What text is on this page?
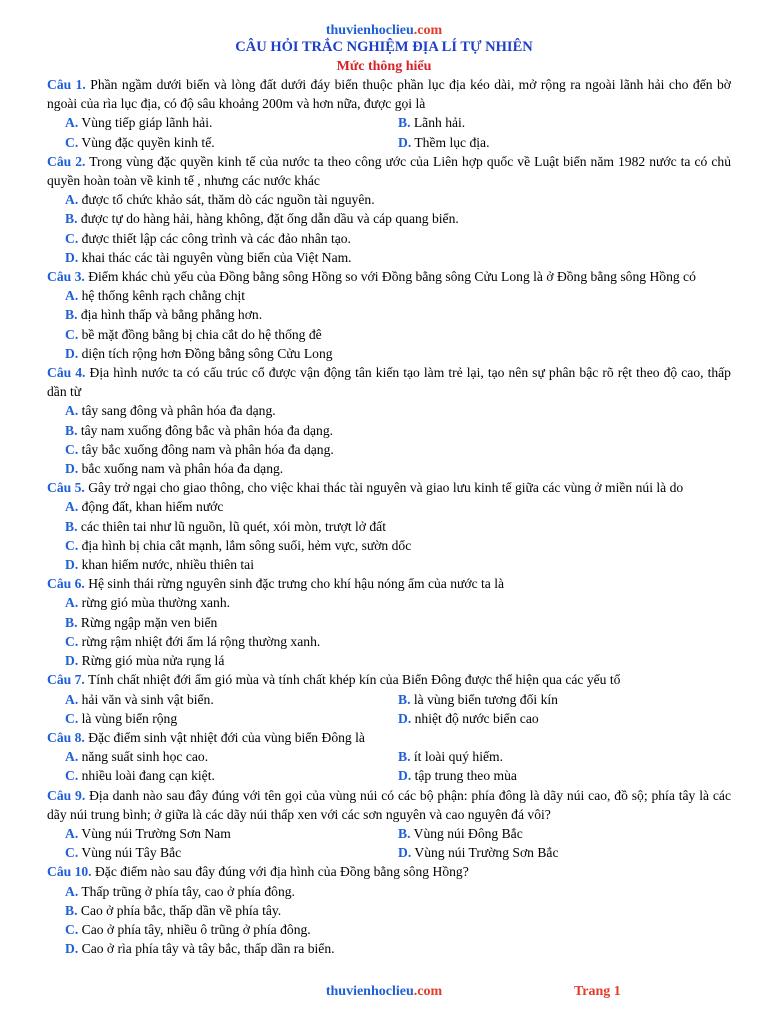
thuvienhoclieu.com
CÂU HỎI TRẮC NGHIỆM ĐỊA LÍ TỰ NHIÊN
Mức thông hiểu

Câu 1. Phần ngầm dưới biển và lòng đất dưới đáy biển thuộc phần lục địa kéo dài, mở rộng ra ngoài lãnh hải cho đến bờ ngoài của rìa lục địa, có độ sâu khoảng 200m và hơn nữa, được gọi là

A. Vùng tiếp giáp lãnh hải.	B. Lãnh hải.
C. Vùng đặc quyền kinh tế.	D. Thềm lục địa.

Câu 2. Trong vùng đặc quyền kinh tế của nước ta theo công ước của Liên hợp quốc về Luật biển năm 1982 nước ta có chủ quyền hoàn toàn về kinh tế , nhưng các nước khác

A. được tổ chức khảo sát, thăm dò các nguồn tài nguyên.
B. được tự do hàng hải, hàng không, đặt ống dẫn dầu và cáp quang biển.
C. được thiết lập các công trình và các đảo nhân tạo.
D. khai thác các tài nguyên vùng biển của Việt Nam.

Câu 3. Điểm khác chủ yếu của Đồng bằng sông Hồng so với Đồng bằng sông Cửu Long là ở Đồng bằng sông Hồng có

A. hệ thống kênh rạch chằng chịt
B. địa hình thấp và bằng phẳng hơn.
C. bề mặt đồng bằng bị chia cắt do hệ thống đê
D. diện tích rộng hơn Đồng bằng sông Cửu Long

Câu 4. Địa hình nước ta có cấu trúc cổ được vận động tân kiến tạo làm trẻ lại, tạo nên sự phân bậc rõ rệt theo độ cao, thấp dần từ

A. tây sang đông và phân hóa đa dạng.
B. tây nam xuống đông bắc và phân hóa đa dạng.
C. tây bắc xuống đông nam và phân hóa đa dạng.
D. bắc xuống nam và phân hóa đa dạng.

Câu 5. Gây trở ngại cho giao thông, cho việc khai thác tài nguyên và giao lưu kinh tế giữa các vùng ở miền núi là do

A. động đất, khan hiếm nước
B. các thiên tai như lũ nguồn, lũ quét, xói mòn, trượt lở đất
C. địa hình bị chia cắt mạnh, lắm sông suối, hẻm vực, sườn dốc
D. khan hiếm nước, nhiều thiên tai

Câu 6. Hệ sinh thái rừng nguyên sinh đặc trưng cho khí hậu nóng ẩm của nước ta là

A. rừng gió mùa thường xanh.
B. Rừng ngập mặn ven biển
C. rừng rậm nhiệt đới ẩm lá rộng thường xanh.
D. Rừng gió mùa nửa rụng lá

Câu 7. Tính chất nhiệt đới ẩm gió mùa và tính chất khép kín của Biển Đông được thể hiện qua các yếu tố

A. hải văn và sinh vật biển.	B. là vùng biển tương đối kín
C. là vùng biển rộng	D. nhiệt độ nước biển cao

Câu 8. Đặc điểm sinh vật nhiệt đới của vùng biển Đông là

A. năng suất sinh học cao.	B. ít loài quý hiếm.
C. nhiều loài đang cạn kiệt.	D. tập trung theo mùa

Câu 9. Địa danh nào sau đây đúng với tên gọi của vùng núi có các bộ phận: phía đông là dãy núi cao, đồ sộ; phía tây là các dãy núi trung bình; ở giữa là các dãy núi thấp xen với các sơn nguyên và cao nguyên đá vôi?

A. Vùng núi Trường Sơn Nam	B. Vùng núi Đông Bắc
C. Vùng núi Tây Bắc	D. Vùng núi Trường Sơn Bắc

Câu 10. Đặc điểm nào sau đây đúng với địa hình của Đồng bằng sông Hồng?

A. Thấp trũng ở phía tây, cao ở phía đông.
B. Cao ở phía bắc, thấp dần về phía tây.
C. Cao ở phía tây, nhiều ô trũng ở phía đông.
D. Cao ở rìa phía tây và tây bắc, thấp dần ra biển.
thuvienhoclieu.com	Trang 1
